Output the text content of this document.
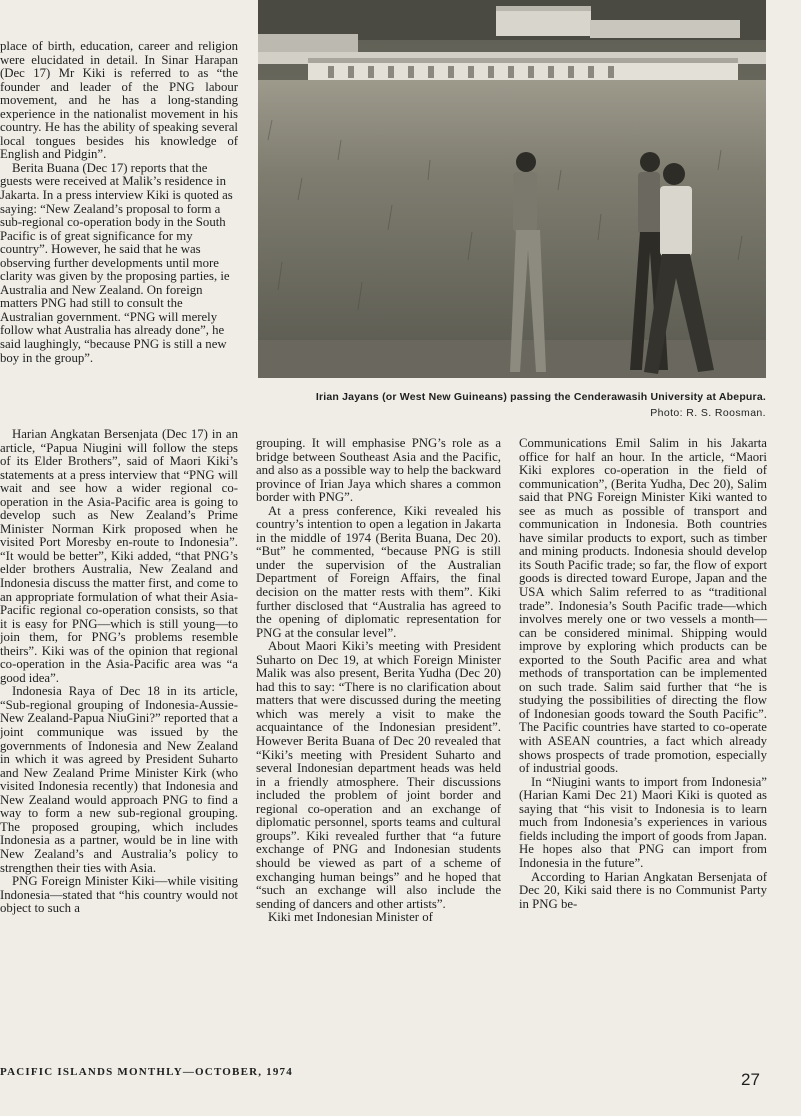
place of birth, education, career and religion were elucidated in detail. In Sinar Harapan (Dec 17) Mr Kiki is referred to as “the founder and leader of the PNG labour movement, and he has a long-standing experience in the nationalist movement in his country. He has the ability of speaking several local tongues besides his knowledge of English and Pidgin”.

Berita Buana (Dec 17) reports that the guests were received at Malik’s residence in Jakarta. In a press interview Kiki is quoted as saying: “New Zealand’s proposal to form a sub-regional co-operation body in the South Pacific is of great significance for my country”. However, he said that he was observing further developments until more clarity was given by the proposing parties, ie Australia and New Zealand. On foreign matters PNG had still to consult the Australian government. “PNG will merely follow what Australia has already done”, he said laughingly, “because PNG is still a new boy in the group”.

Harian Angkatan Bersenjata (Dec 17) in an article, “Papua Niugini will follow the steps of its Elder Brothers”, said of Maori Kiki’s statements at a press interview that “PNG will wait and see how a wider regional co-operation in the Asia-Pacific area is going to develop such as New Zealand’s Prime Minister Norman Kirk proposed when he visited Port Moresby en-route to Indonesia”. “It would be better”, Kiki added, “that PNG’s elder brothers Australia, New Zealand and Indonesia discuss the matter first, and come to an appropriate formulation of what their Asia-Pacific regional co-operation consists, so that it is easy for PNG—which is still young—to join them, for PNG’s problems resemble theirs”. Kiki was of the opinion that regional co-operation in the Asia-Pacific area was “a good idea”.

Indonesia Raya of Dec 18 in its article, “Sub-regional grouping of Indonesia-Aussie-New Zealand-Papua NiuGini?” reported that a joint communique was issued by the governments of Indonesia and New Zealand in which it was agreed by President Suharto and New Zealand Prime Minister Kirk (who visited Indonesia recently) that Indonesia and New Zealand would approach PNG to find a way to form a new sub-regional grouping. The proposed grouping, which includes Indonesia as a partner, would be in line with New Zealand’s and Australia’s policy to strengthen their ties with Asia.

PNG Foreign Minister Kiki—while visiting Indonesia—stated that “his country would not object to such a

Irian Jayans (or West New Guineans) passing the Cenderawasih University at Abepura.
Photo: R. S. Roosman.

grouping. It will emphasise PNG’s role as a bridge between Southeast Asia and the Pacific, and also as a possible way to help the backward province of Irian Jaya which shares a common border with PNG”.

At a press conference, Kiki revealed his country’s intention to open a legation in Jakarta in the middle of 1974 (Berita Buana, Dec 20). “But” he commented, “because PNG is still under the supervision of the Australian Department of Foreign Affairs, the final decision on the matter rests with them”. Kiki further disclosed that “Australia has agreed to the opening of diplomatic representation for PNG at the consular level”.

About Maori Kiki’s meeting with President Suharto on Dec 19, at which Foreign Minister Malik was also present, Berita Yudha (Dec 20) had this to say: “There is no clarification about matters that were discussed during the meeting which was merely a visit to make the acquaintance of the Indonesian president”. However Berita Buana of Dec 20 revealed that “Kiki’s meeting with President Suharto and several Indonesian department heads was held in a friendly atmosphere. Their discussions included the problem of joint border and regional co-operation and an exchange of diplomatic personnel, sports teams and cultural groups”. Kiki revealed further that “a future exchange of PNG and Indonesian students should be viewed as part of a scheme of exchanging human beings” and he hoped that “such an exchange will also include the sending of dancers and other artists”.

Kiki met Indonesian Minister of

Communications Emil Salim in his Jakarta office for half an hour. In the article, “Maori Kiki explores co-operation in the field of communication”, (Berita Yudha, Dec 20), Salim said that PNG Foreign Minister Kiki wanted to see as much as possible of transport and communication in Indonesia. Both countries have similar products to export, such as timber and mining products. Indonesia should develop its South Pacific trade; so far, the flow of export goods is directed toward Europe, Japan and the USA which Salim referred to as “traditional trade”. Indonesia’s South Pacific trade—which involves merely one or two vessels a month—can be considered minimal. Shipping would improve by exploring which products can be exported to the South Pacific area and what methods of transportation can be implemented on such trade. Salim said further that “he is studying the possibilities of directing the flow of Indonesian goods toward the South Pacific”. The Pacific countries have started to co-operate with ASEAN countries, a fact which already shows prospects of trade promotion, especially of industrial goods.

In “Niugini wants to import from Indonesia” (Harian Kami Dec 21) Maori Kiki is quoted as saying that “his visit to Indonesia is to learn much from Indonesia’s experiences in various fields including the import of goods from Japan. He hopes also that PNG can import from Indonesia in the future”.

According to Harian Angkatan Bersenjata of Dec 20, Kiki said there is no Communist Party in PNG be-

PACIFIC ISLANDS MONTHLY—OCTOBER, 1974	27
